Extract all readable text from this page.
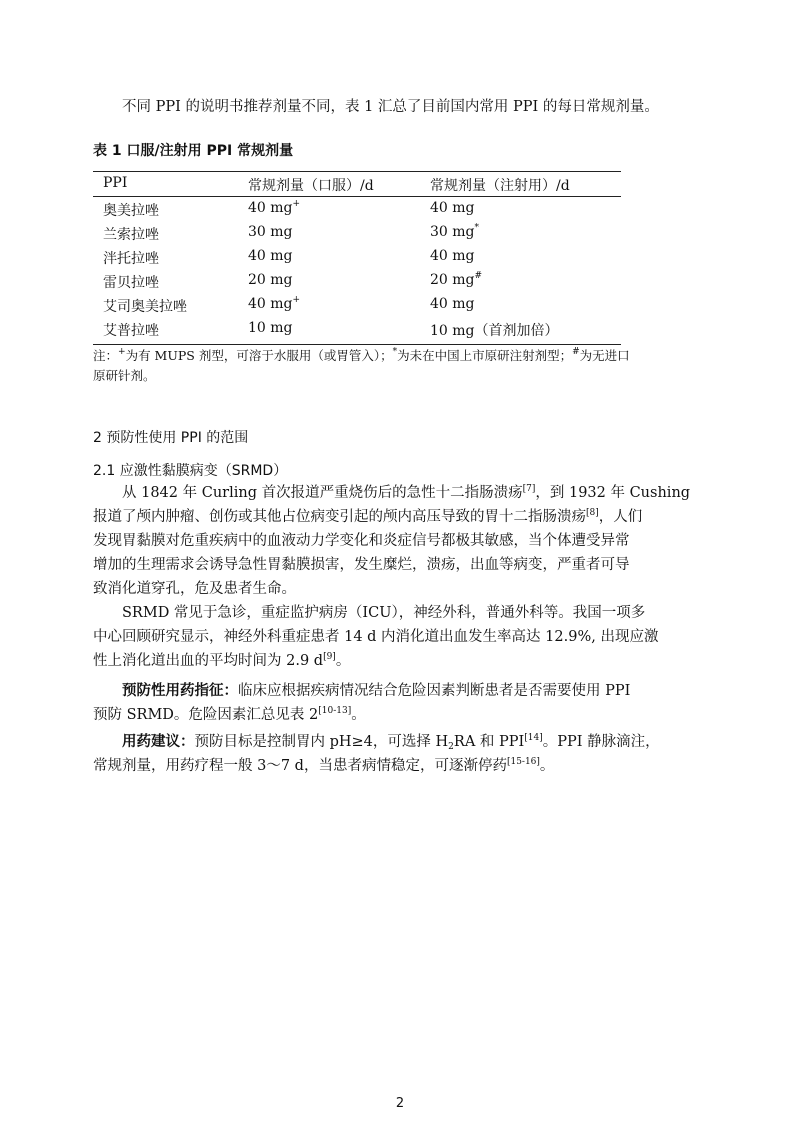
不同 PPI 的说明书推荐剂量不同，表 1 汇总了目前国内常用 PPI 的每日常规剂量。
表 1 口服/注射用 PPI 常规剂量
PPI	常规剂量（口服）/d	常规剂量（注射用）/d
奥美拉唑	40 mg+	40 mg
兰索拉唑	30 mg	30 mg*
泮托拉唑	40 mg	40 mg
雷贝拉唑	20 mg	20 mg#
艾司奥美拉唑	40 mg+	40 mg
艾普拉唑	10 mg	10 mg（首剂加倍）
注：+为有 MUPS 剂型，可溶于水服用（或胃管入）；*为未在中国上市原研注射剂型；#为无进口
原研针剂。
2 预防性使用 PPI 的范围
2.1 应激性黏膜病变（SRMD）
从 1842 年 Curling 首次报道严重烧伤后的急性十二指肠溃疡[7]，到 1932 年 Cushing
报道了颅内肿瘤、创伤或其他占位病变引起的颅内高压导致的胃十二指肠溃疡[8]，人们
发现胃黏膜对危重疾病中的血液动力学变化和炎症信号都极其敏感，当个体遭受异常
增加的生理需求会诱导急性胃黏膜损害，发生糜烂，溃疡，出血等病变，严重者可导
致消化道穿孔，危及患者生命。
SRMD 常见于急诊，重症监护病房（ICU），神经外科，普通外科等。我国一项多
中心回顾研究显示，神经外科重症患者 14 d 内消化道出血发生率高达 12.9%, 出现应激
性上消化道出血的平均时间为 2.9 d[9]。
预防性用药指征：临床应根据疾病情况结合危险因素判断患者是否需要使用 PPI
预防 SRMD。危险因素汇总见表 2[10-13]。
用药建议：预防目标是控制胃内 pH≥4，可选择 $H_2RA$ 和 PPI[14]。PPI 静脉滴注，
常规剂量，用药疗程一般 3～7 d，当患者病情稳定，可逐渐停药[15-16]。
2
